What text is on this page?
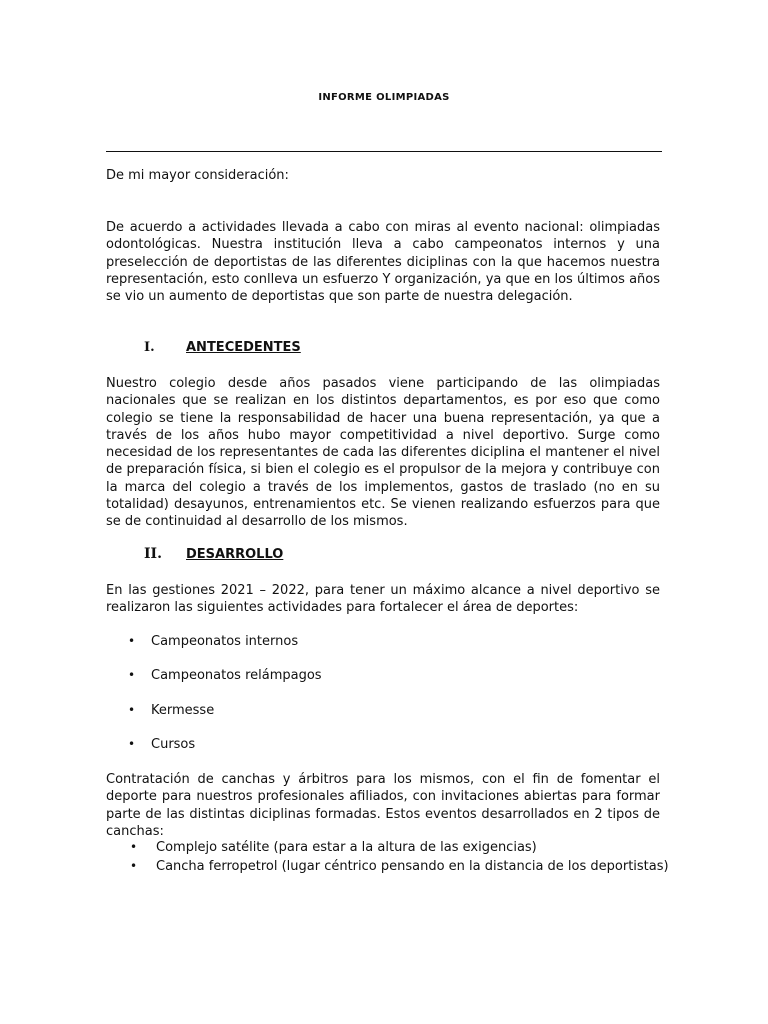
INFORME OLIMPIADAS
De mi mayor consideración:
De acuerdo a actividades llevada a cabo con miras al evento nacional: olimpiadas odontológicas. Nuestra institución lleva a cabo campeonatos internos y una preselección de deportistas de las diferentes diciplinas con la que hacemos nuestra representación, esto conlleva un esfuerzo Y organización, ya que en los últimos años se vio un aumento de deportistas que son parte de nuestra delegación.
I. ANTECEDENTES
Nuestro colegio desde años pasados viene participando de las olimpiadas nacionales que se realizan en los distintos departamentos, es por eso que como colegio se tiene la responsabilidad de hacer una buena representación, ya que a través de los años hubo mayor competitividad a nivel deportivo. Surge como necesidad de los representantes de cada las diferentes diciplina el mantener el nivel de preparación física, si bien el colegio es el propulsor de la mejora y contribuye con la marca del colegio a través de los implementos, gastos de traslado (no en su totalidad) desayunos, entrenamientos etc. Se vienen realizando esfuerzos para que se de continuidad al desarrollo de los mismos.
II. DESARROLLO
En las gestiones 2021 – 2022, para tener un máximo alcance a nivel deportivo se realizaron las siguientes actividades para fortalecer el área de deportes:
• Campeonatos internos
• Campeonatos relámpagos
• Kermesse
• Cursos
Contratación de canchas y árbitros para los mismos, con el fin de fomentar el deporte para nuestros profesionales afiliados, con invitaciones abiertas para formar parte de las distintas diciplinas formadas. Estos eventos desarrollados en 2 tipos de canchas:
• Complejo satélite (para estar a la altura de las exigencias)
• Cancha ferropetrol (lugar céntrico pensando en la distancia de los deportistas)
